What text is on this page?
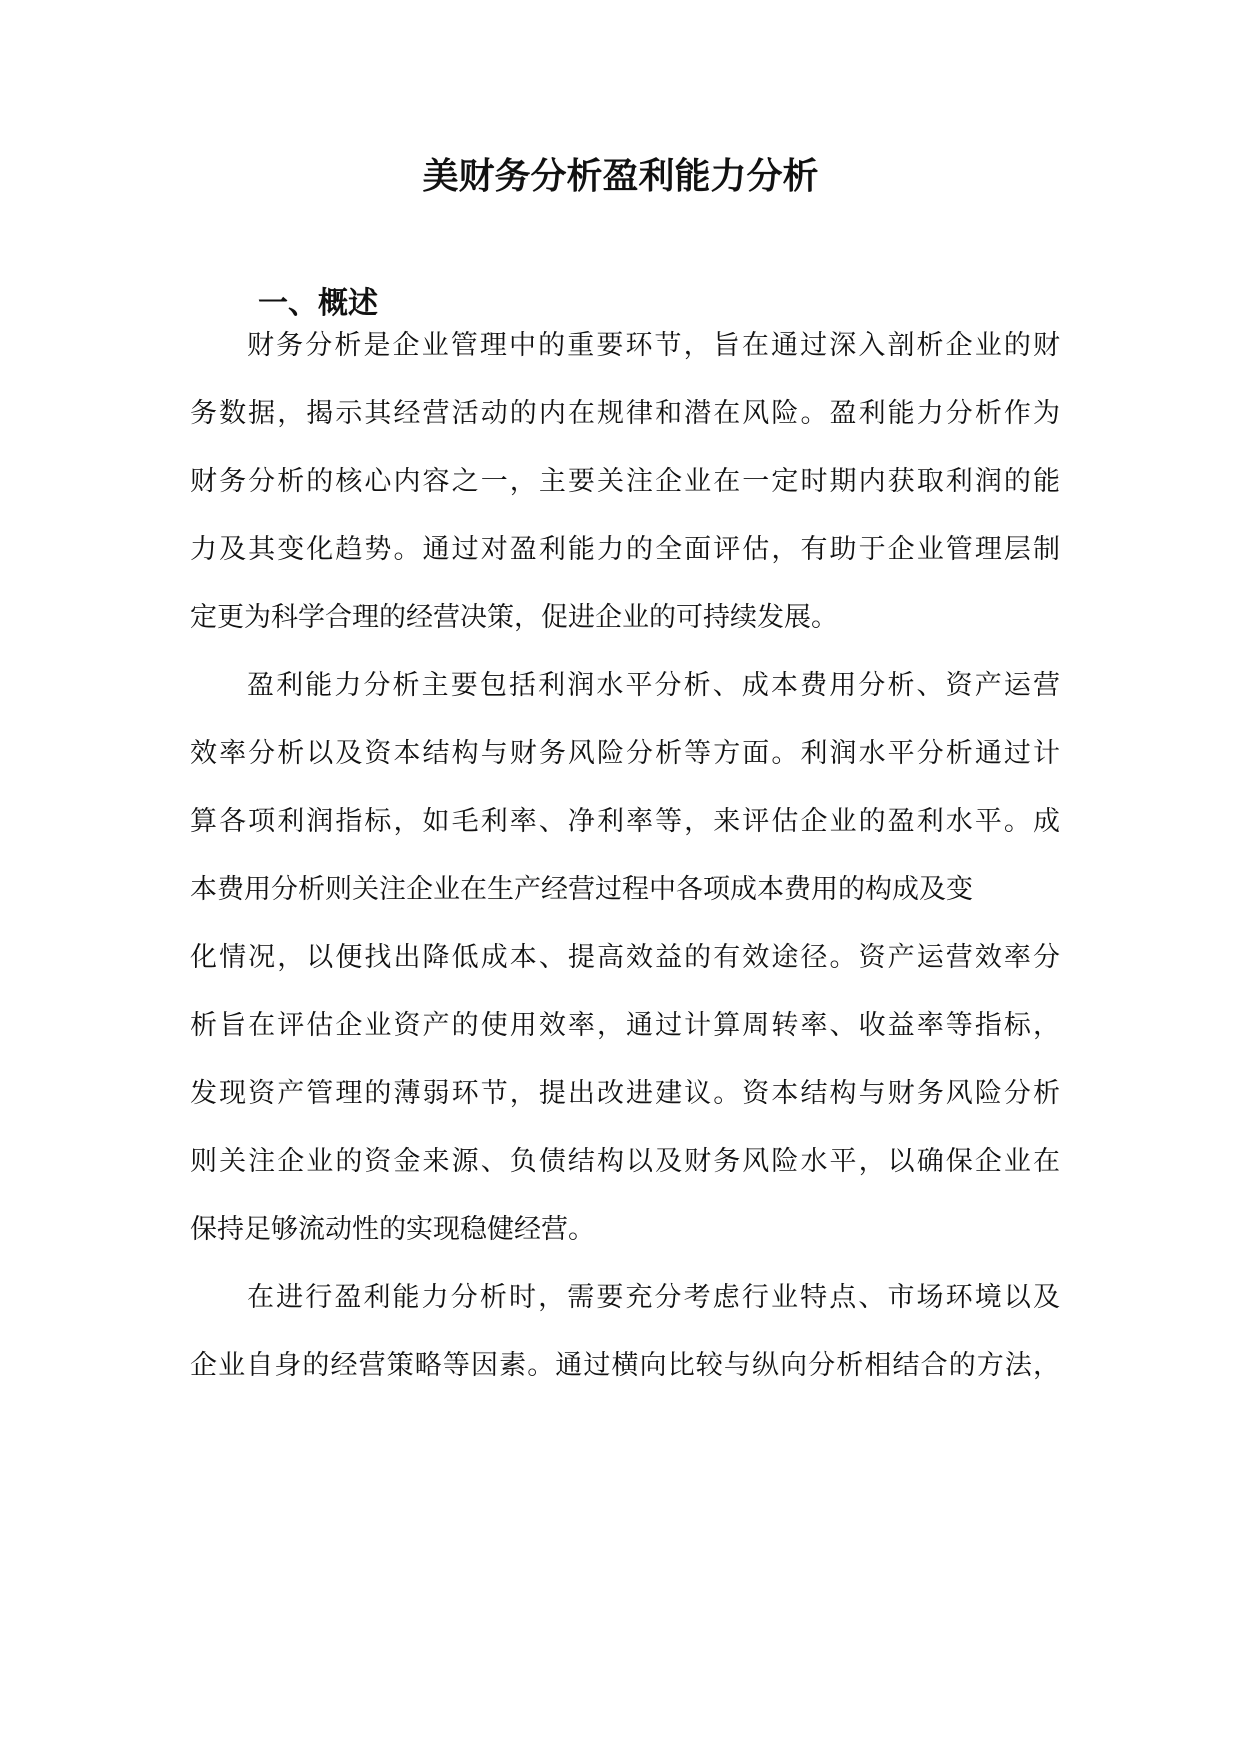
美财务分析盈利能力分析
一、概述
财务分析是企业管理中的重要环节，旨在通过深入剖析企业的财
务数据，揭示其经营活动的内在规律和潜在风险。盈利能力分析作为
财务分析的核心内容之一，主要关注企业在一定时期内获取利润的能
力及其变化趋势。通过对盈利能力的全面评估，有助于企业管理层制
定更为科学合理的经营决策，促进企业的可持续发展。
盈利能力分析主要包括利润水平分析、成本费用分析、资产运营
效率分析以及资本结构与财务风险分析等方面。利润水平分析通过计
算各项利润指标，如毛利率、净利率等，来评估企业的盈利水平。成
本费用分析则关注企业在生产经营过程中各项成本费用的构成及变
化情况，以便找出降低成本、提高效益的有效途径。资产运营效率分
析旨在评估企业资产的使用效率，通过计算周转率、收益率等指标，
发现资产管理的薄弱环节，提出改进建议。资本结构与财务风险分析
则关注企业的资金来源、负债结构以及财务风险水平，以确保企业在
保持足够流动性的实现稳健经营。
在进行盈利能力分析时，需要充分考虑行业特点、市场环境以及
企业自身的经营策略等因素。通过横向比较与纵向分析相结合的方法，
